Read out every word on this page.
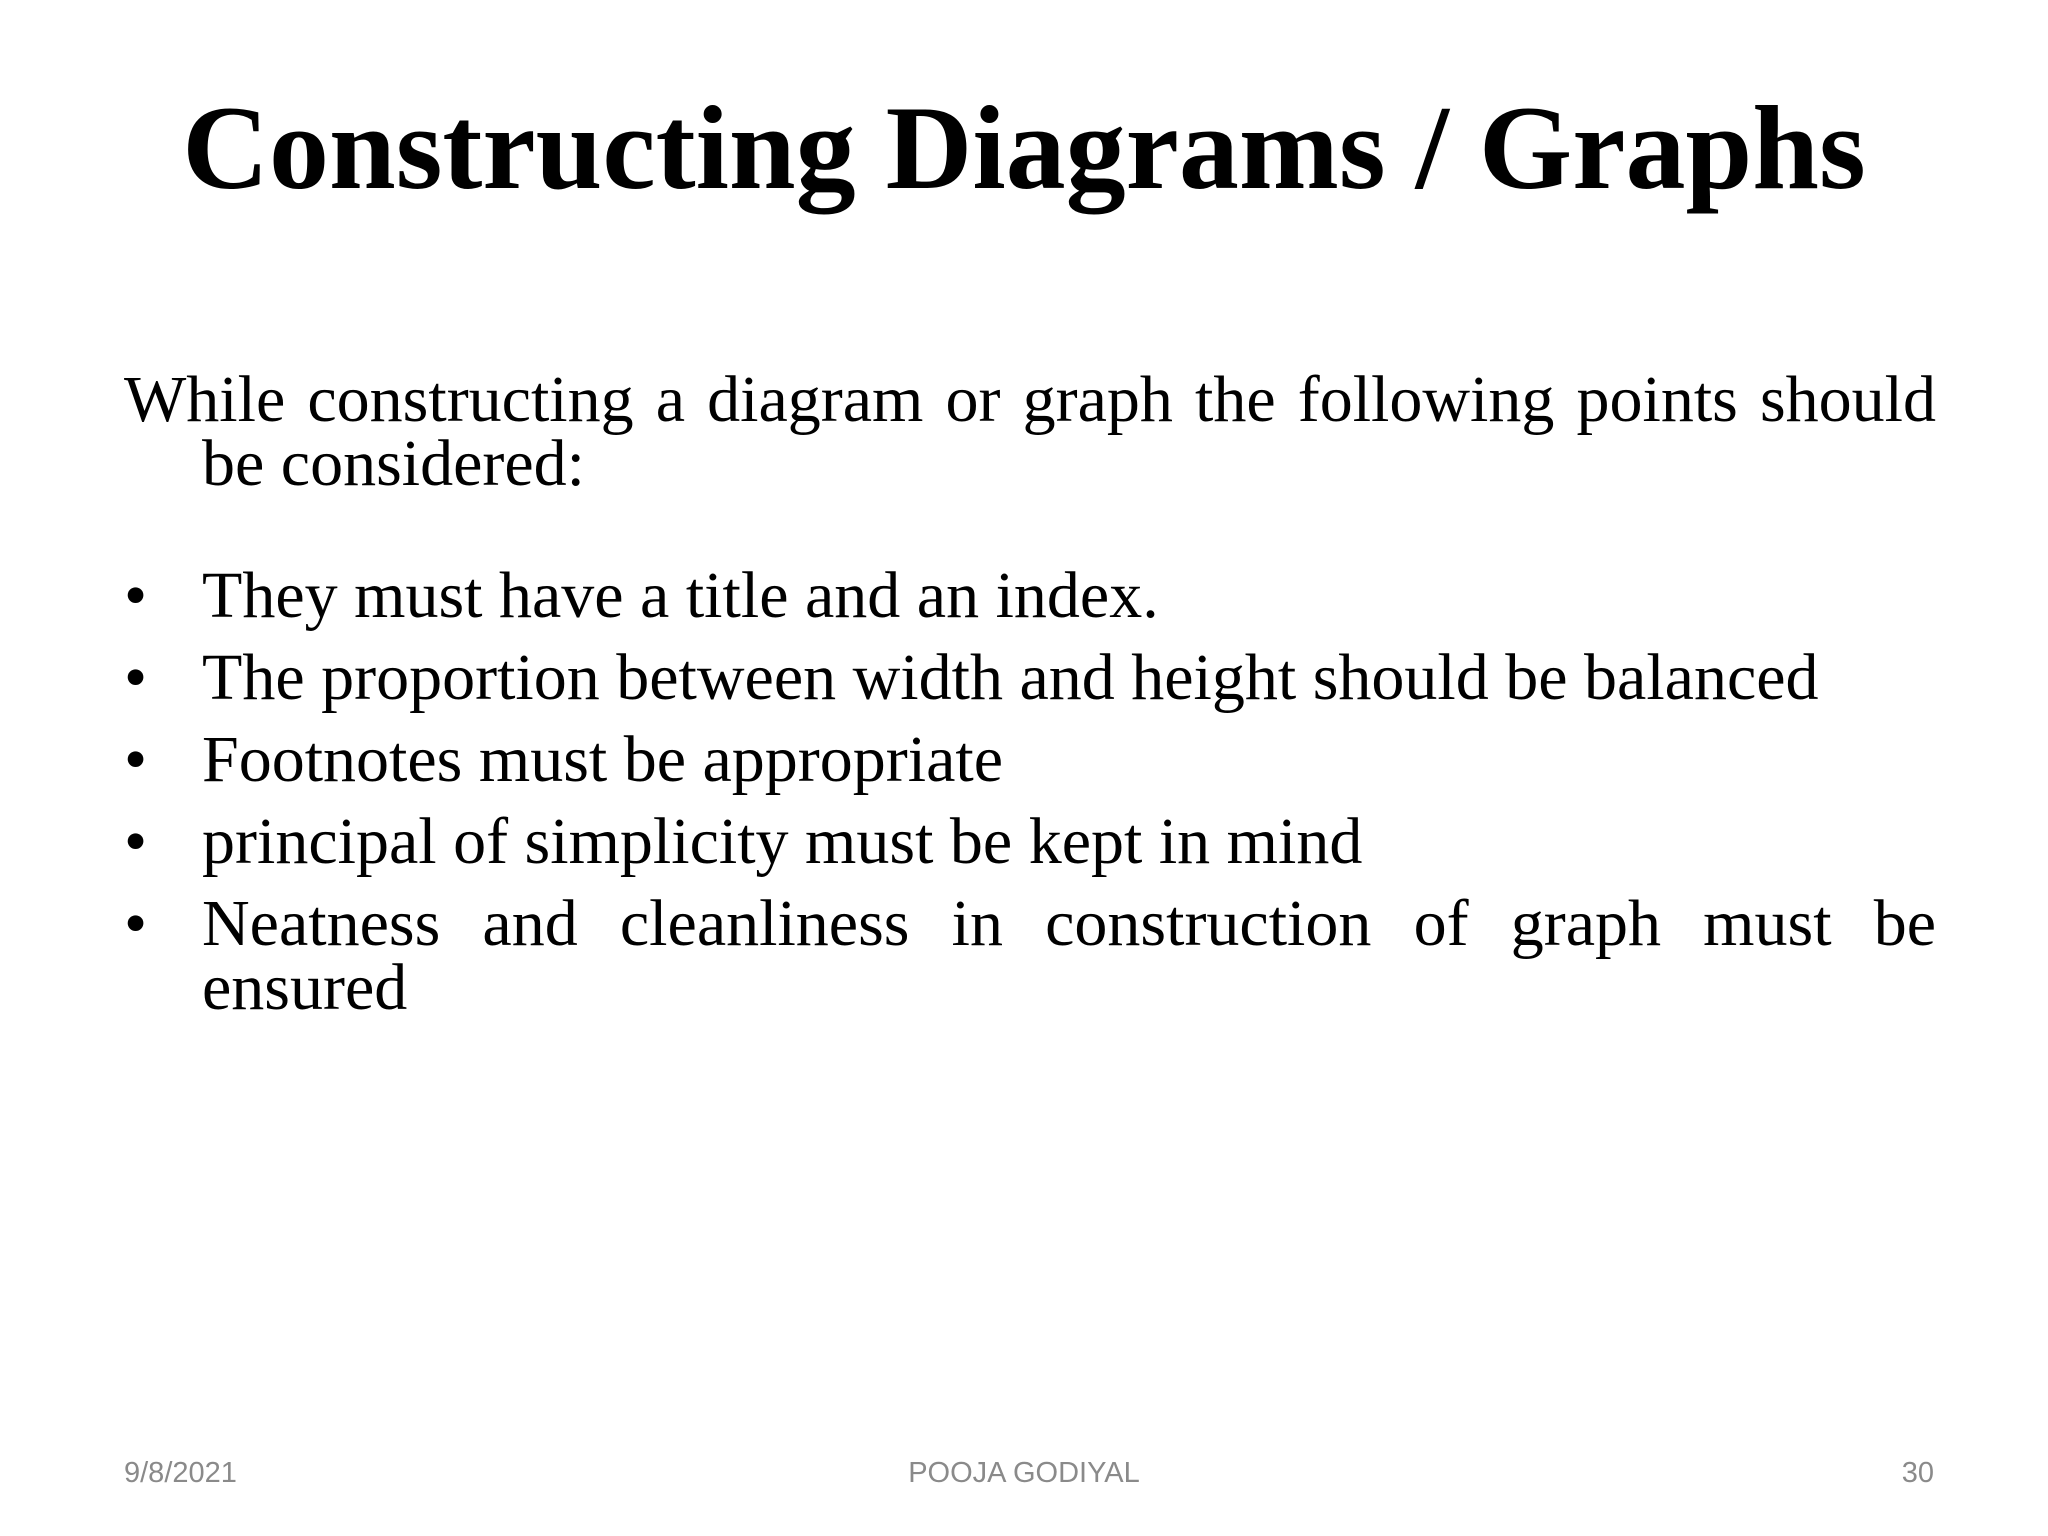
Constructing Diagrams / Graphs

While constructing a diagram or graph the following points should be considered:

• They must have a title and an index.
• The proportion between width and height should be balanced
• Footnotes must be appropriate
• principal of simplicity must be kept in mind
• Neatness and cleanliness in construction of graph must be ensured
9/8/2021	POOJA GODIYAL	30
